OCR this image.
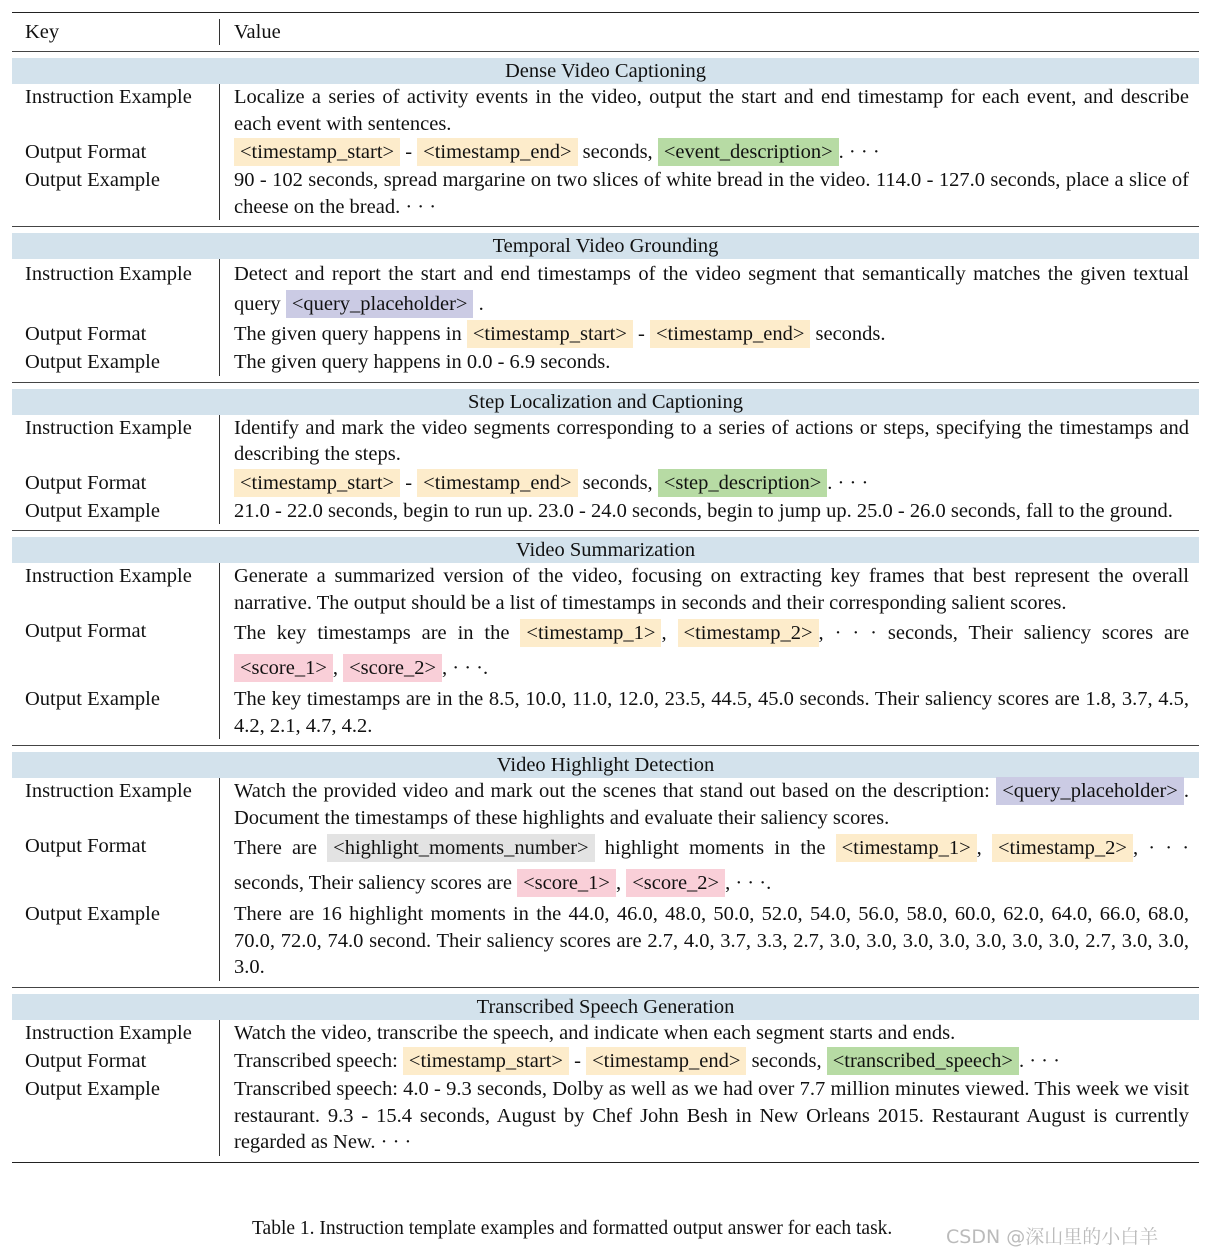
Key	Value
Dense Video Captioning
Instruction Example	Localize a series of activity events in the video, output the start and end timestamp for each event, and describe each event with sentences.
Output Format	<timestamp_start> - <timestamp_end> seconds, <event_description> . · · ·
Output Example	90 - 102 seconds, spread margarine on two slices of white bread in the video. 114.0 - 127.0 seconds, place a slice of cheese on the bread. · · ·
Temporal Video Grounding
Instruction Example	Detect and report the start and end timestamps of the video segment that semantically matches the given textual query <query_placeholder> .
Output Format	The given query happens in <timestamp_start> - <timestamp_end> seconds.
Output Example	The given query happens in 0.0 - 6.9 seconds.
Step Localization and Captioning
Instruction Example	Identify and mark the video segments corresponding to a series of actions or steps, specifying the timestamps and describing the steps.
Output Format	<timestamp_start> - <timestamp_end> seconds, <step_description> . · · ·
Output Example	21.0 - 22.0 seconds, begin to run up. 23.0 - 24.0 seconds, begin to jump up. 25.0 - 26.0 seconds, fall to the ground.
Video Summarization
Instruction Example	Generate a summarized version of the video, focusing on extracting key frames that best represent the overall narrative. The output should be a list of timestamps in seconds and their corresponding salient scores.
Output Format	The key timestamps are in the <timestamp_1> , <timestamp_2> , · · · seconds, Their saliency scores are <score_1> , <score_2> , · · ·.
Output Example	The key timestamps are in the 8.5, 10.0, 11.0, 12.0, 23.5, 44.5, 45.0 seconds. Their saliency scores are 1.8, 3.7, 4.5, 4.2, 2.1, 4.7, 4.2.
Video Highlight Detection
Instruction Example	Watch the provided video and mark out the scenes that stand out based on the description: <query_placeholder> . Document the timestamps of these highlights and evaluate their saliency scores.
Output Format	There are <highlight_moments_number> highlight moments in the <timestamp_1> , <timestamp_2> , · · · seconds, Their saliency scores are <score_1> , <score_2> , · · ·.
Output Example	There are 16 highlight moments in the 44.0, 46.0, 48.0, 50.0, 52.0, 54.0, 56.0, 58.0, 60.0, 62.0, 64.0, 66.0, 68.0, 70.0, 72.0, 74.0 second. Their saliency scores are 2.7, 4.0, 3.7, 3.3, 2.7, 3.0, 3.0, 3.0, 3.0, 3.0, 3.0, 3.0, 2.7, 3.0, 3.0, 3.0.
Transcribed Speech Generation
Instruction Example	Watch the video, transcribe the speech, and indicate when each segment starts and ends.
Output Format	Transcribed speech: <timestamp_start> - <timestamp_end> seconds, <transcribed_speech> . · · ·
Output Example	Transcribed speech: 4.0 - 9.3 seconds, Dolby as well as we had over 7.7 million minutes viewed. This week we visit restaurant. 9.3 - 15.4 seconds, August by Chef John Besh in New Orleans 2015. Restaurant August is currently regarded as New. · · ·
Table 1. Instruction template examples and formatted output answer for each task.	CSDN @深山里的小白羊
